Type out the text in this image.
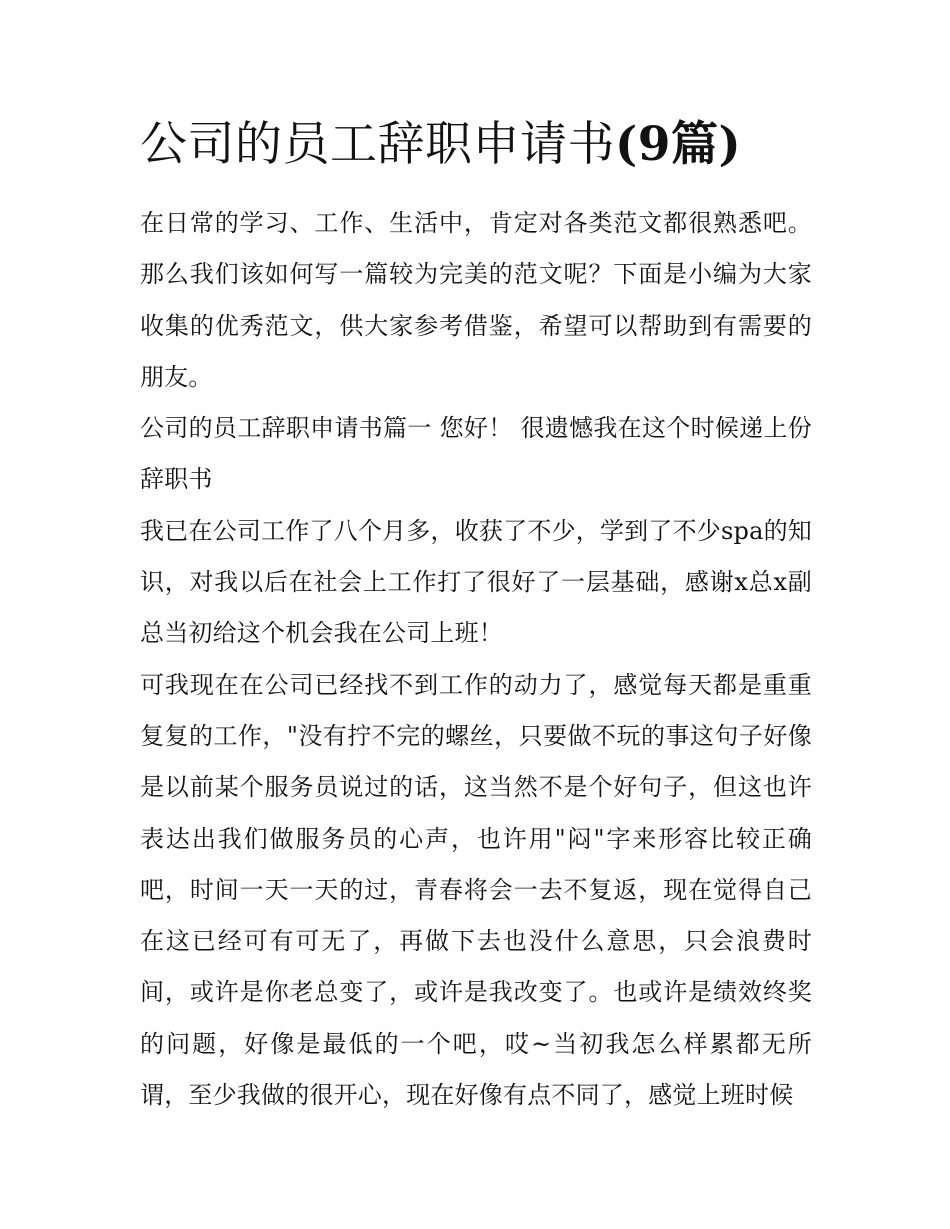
公司的员工辞职申请书(9篇)

在日常的学习、工作、生活中，肯定对各类范文都很熟悉吧。那么我们该如何写一篇较为完美的范文呢？下面是小编为大家收集的优秀范文，供大家参考借鉴，希望可以帮助到有需要的朋友。

公司的员工辞职申请书篇一 您好！ 很遗憾我在这个时候递上份辞职书

我已在公司工作了八个月多，收获了不少，学到了不少spa的知识，对我以后在社会上工作打了很好了一层基础，感谢x总x副总当初给这个机会我在公司上班！

可我现在在公司已经找不到工作的动力了，感觉每天都是重重复复的工作，"没有拧不完的螺丝，只要做不玩的事这句子好像是以前某个服务员说过的话，这当然不是个好句子，但这也许表达出我们做服务员的心声，也许用"闷"字来形容比较正确吧，时间一天一天的过，青春将会一去不复返，现在觉得自己在这已经可有可无了，再做下去也没什么意思，只会浪费时间，或许是你老总变了，或许是我改变了。也或许是绩效终奖的问题，好像是最低的一个吧，哎~当初我怎么样累都无所谓，至少我做的很开心，现在好像有点不同了，感觉上班时候
